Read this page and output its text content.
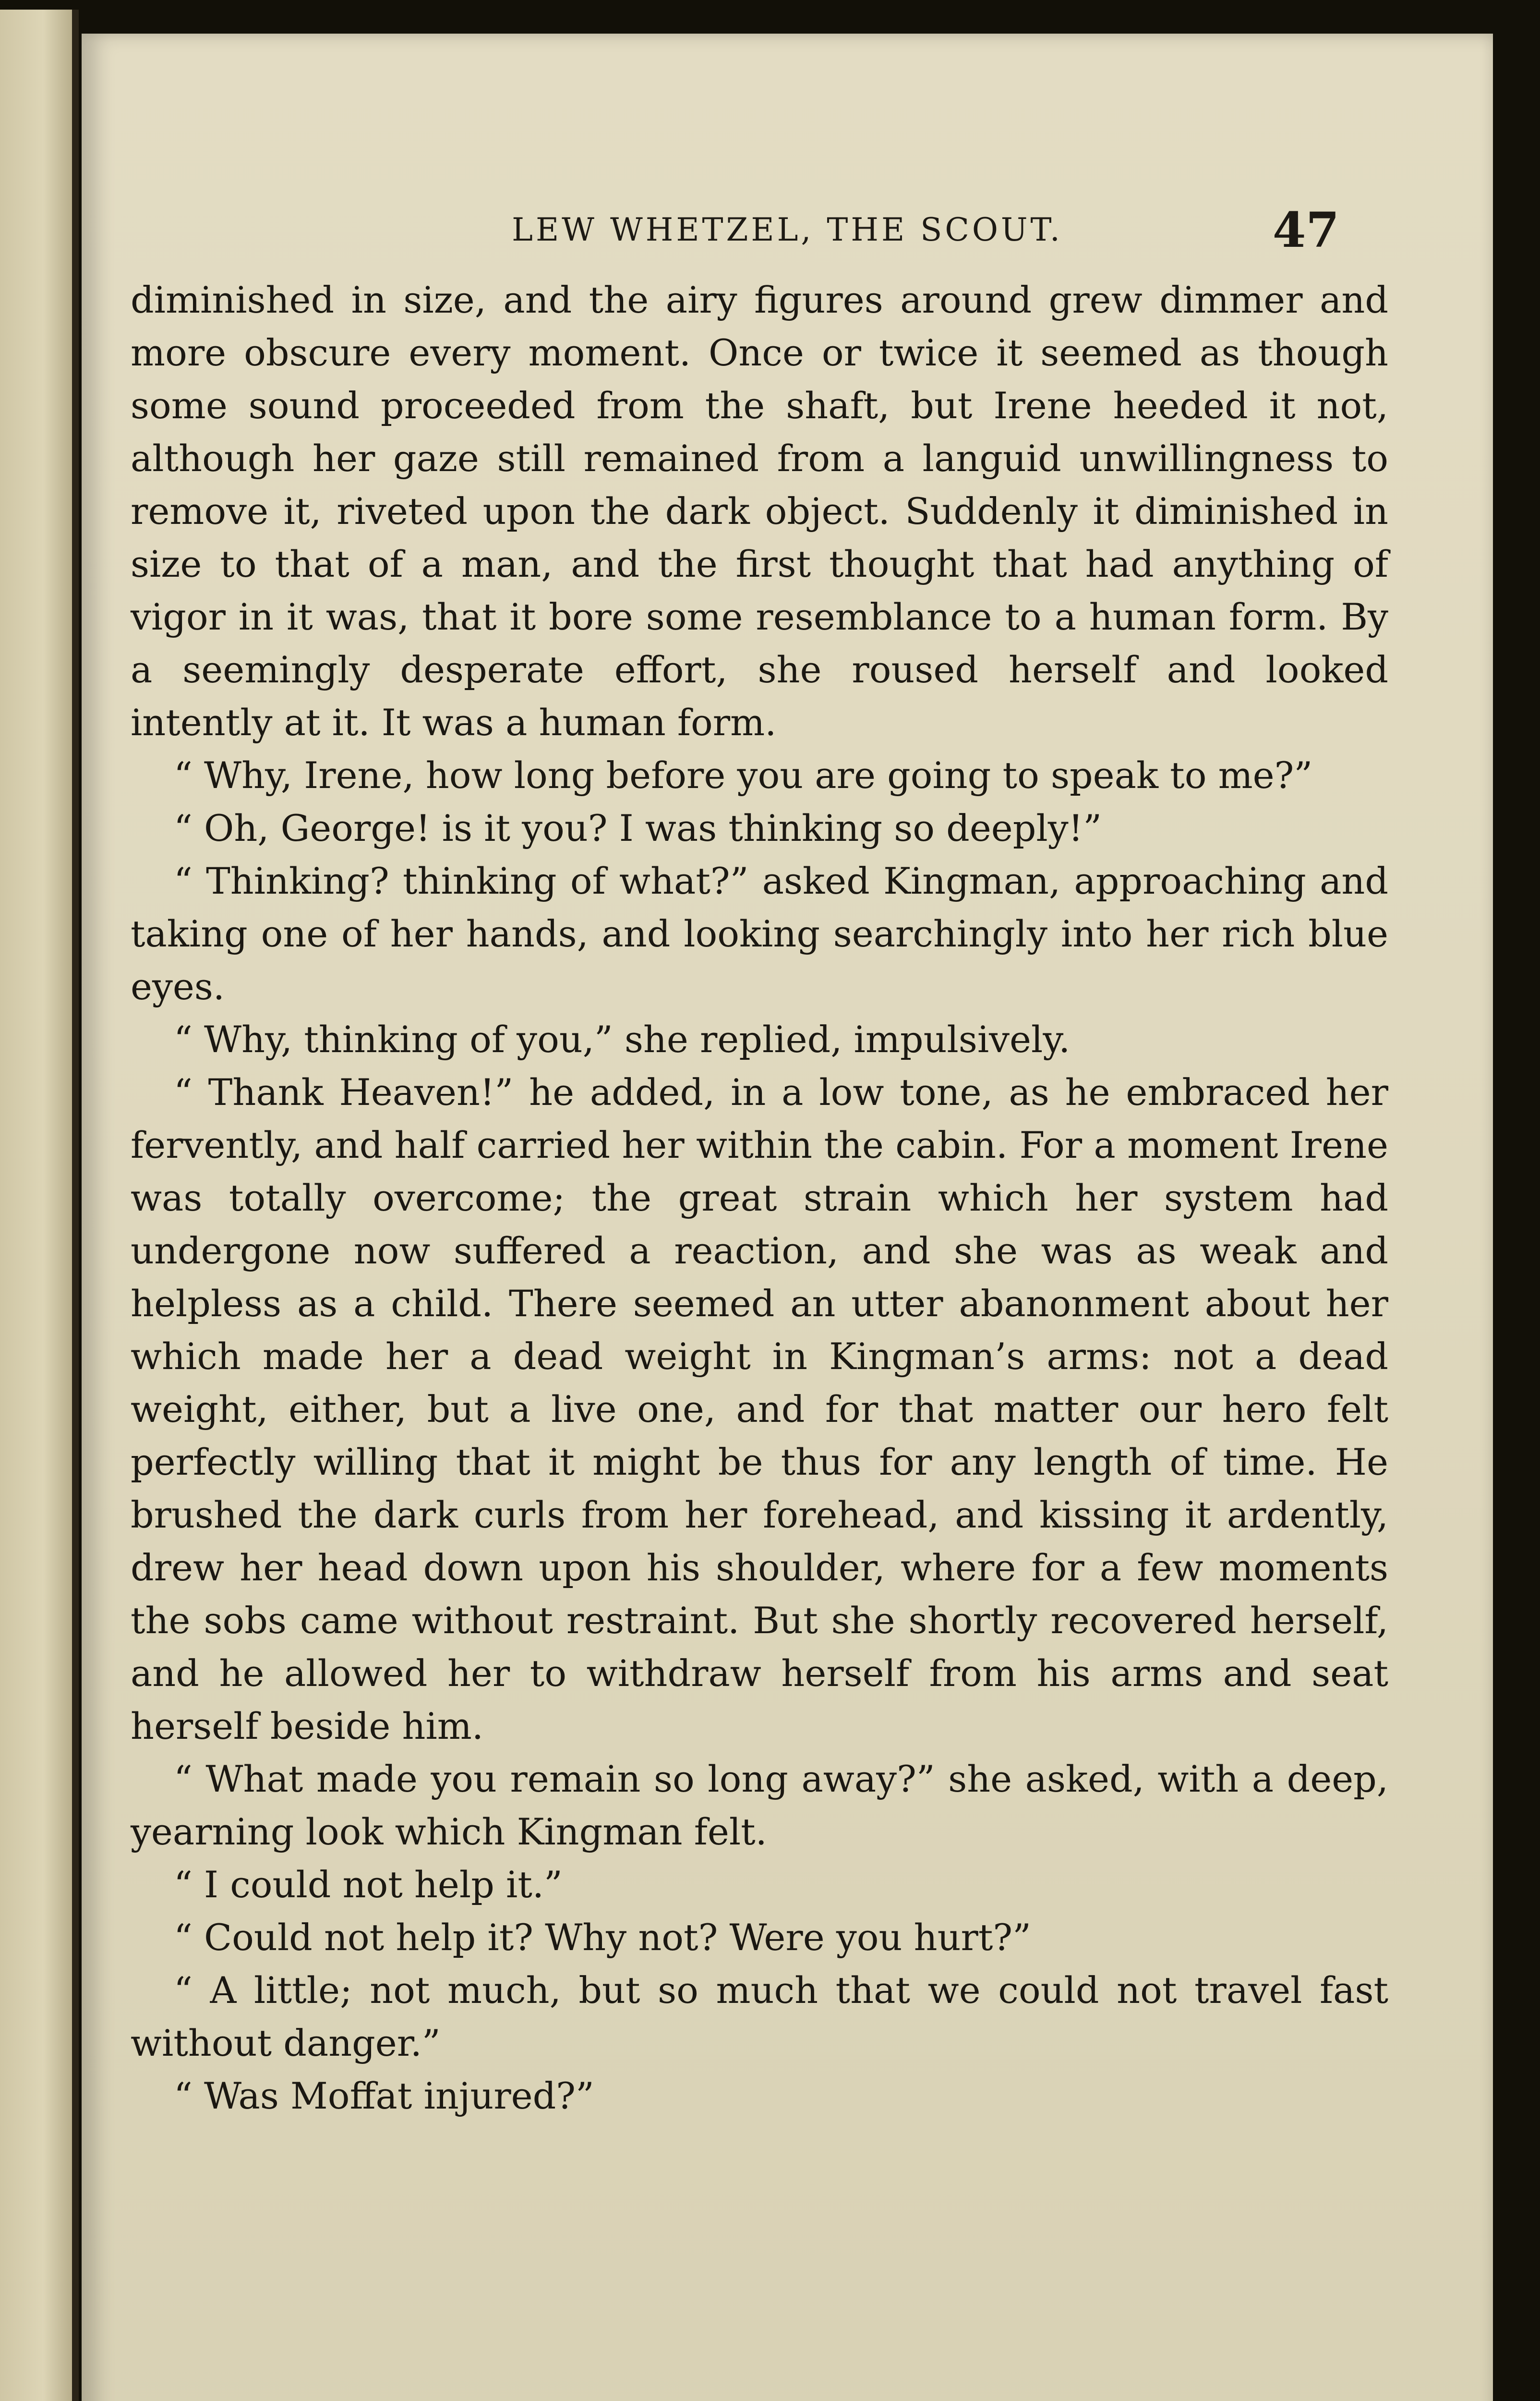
LEW WHETZEL, THE SCOUT.	47

diminished in size, and the airy figures around grew dimmer and more obscure every moment. Once or twice it seemed as though some sound proceeded from the shaft, but Irene heeded it not, although her gaze still remained from a languid unwillingness to remove it, riveted upon the dark object. Suddenly it diminished in size to that of a man, and the first thought that had anything of vigor in it was, that it bore some resemblance to a human form. By a seemingly desperate effort, she roused herself and looked intently at it. It was a human form.

“ Why, Irene, how long before you are going to speak to me?”

“ Oh, George! is it you? I was thinking so deeply!”

“ Thinking? thinking of what?” asked Kingman, approaching and taking one of her hands, and looking searchingly into her rich blue eyes.

“ Why, thinking of you,” she replied, impulsively.

“ Thank Heaven!” he added, in a low tone, as he embraced her fervently, and half carried her within the cabin. For a moment Irene was totally overcome; the great strain which her system had undergone now suffered a reaction, and she was as weak and helpless as a child. There seemed an utter abanonment about her which made her a dead weight in Kingman’s arms: not a dead weight, either, but a live one, and for that matter our hero felt perfectly willing that it might be thus for any length of time. He brushed the dark curls from her forehead, and kissing it ardently, drew her head down upon his shoulder, where for a few moments the sobs came without restraint. But she shortly recovered herself, and he allowed her to withdraw herself from his arms and seat herself beside him.

“ What made you remain so long away?” she asked, with a deep, yearning look which Kingman felt.

“ I could not help it.”

“ Could not help it? Why not? Were you hurt?”

“ A little; not much, but so much that we could not travel fast without danger.”

“ Was Moffat injured?”
